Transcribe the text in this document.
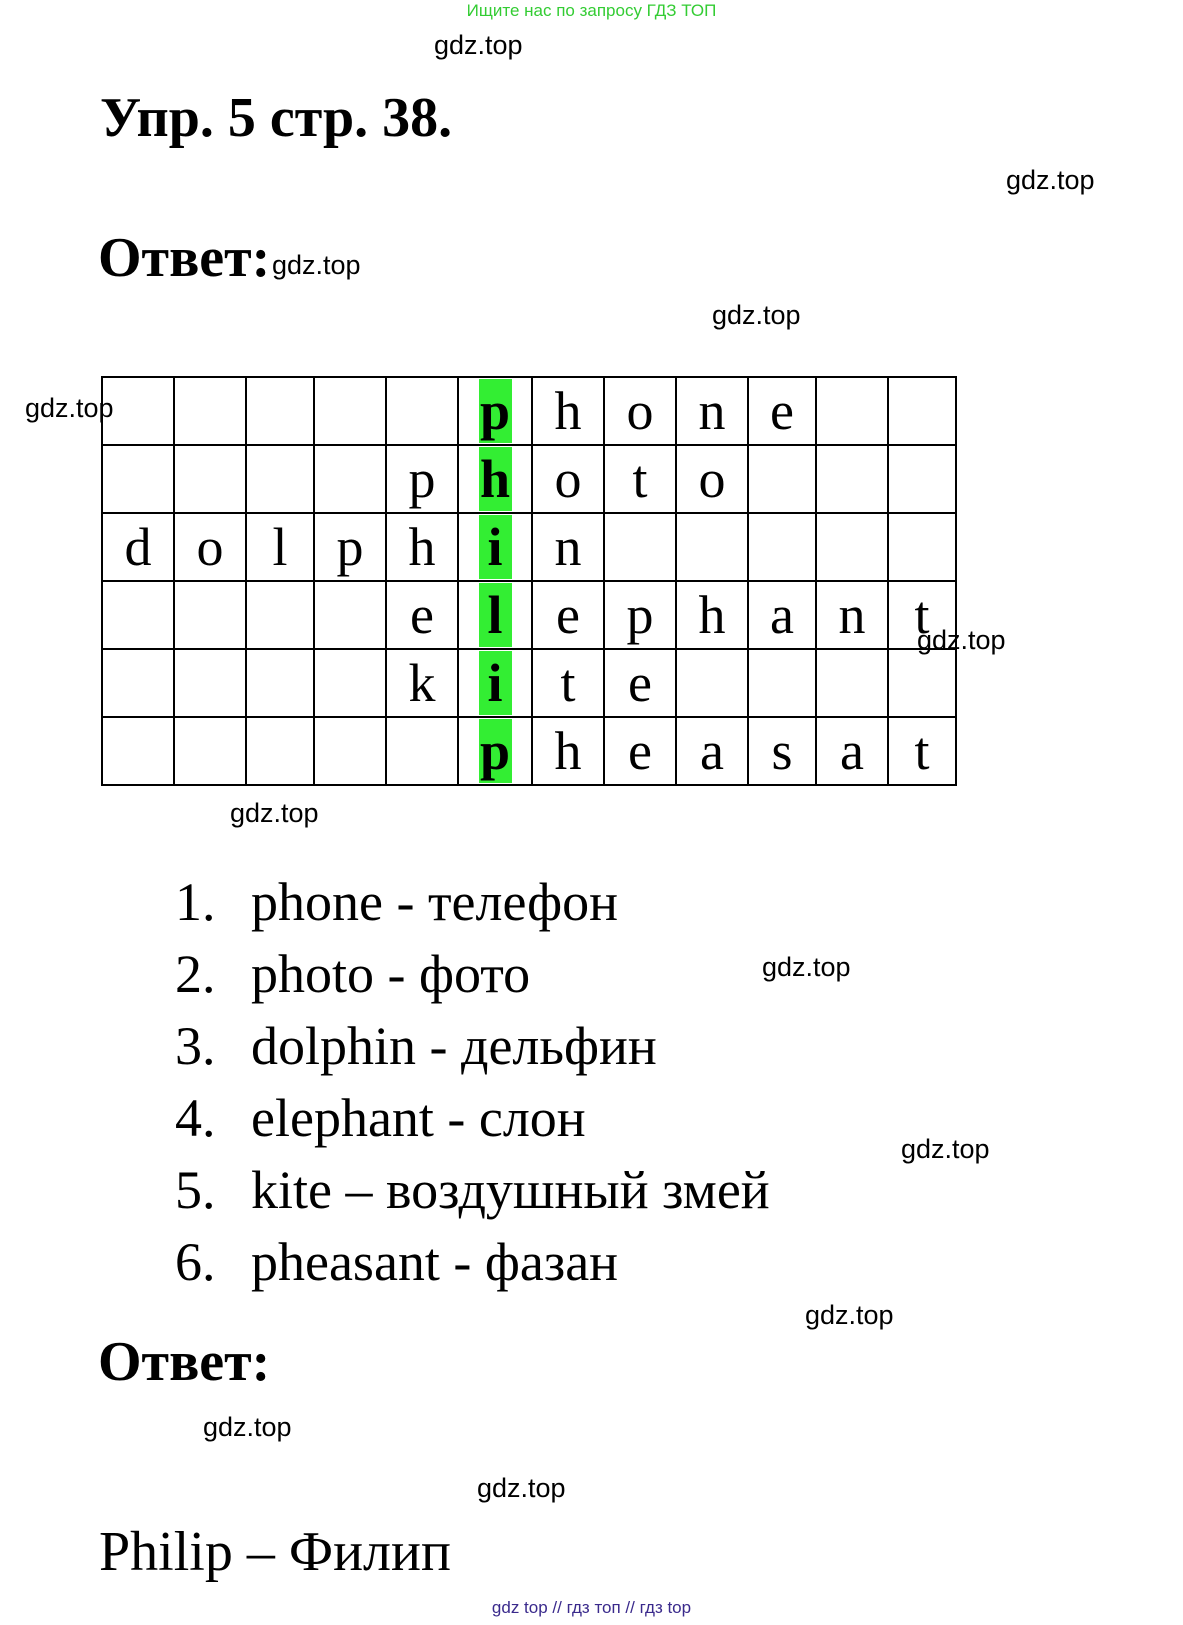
Ищите нас по запросу ГДЗ ТОП
gdz.top
Упр. 5 стр. 38.
gdz.top
Ответ: gdz.top
gdz.top
					p	h	o	n	e		
				p	h	o	t	o			
d	o	l	p	h	i	n					
				e	l	e	p	h	a	n	t
				k	i	t	e				
					p	h	e	a	s	a	t
gdz.top
gdz.top
gdz.top
1. phone - телефон
2. photo - фото
3. dolphin - дельфин
4. elephant - слон
5. kite – воздушный змей
6. pheasant - фазан
gdz.top
gdz.top
gdz.top
Ответ:
gdz.top
Philip – Филип
gdz.top
gdz top // гдз топ // гдз top
